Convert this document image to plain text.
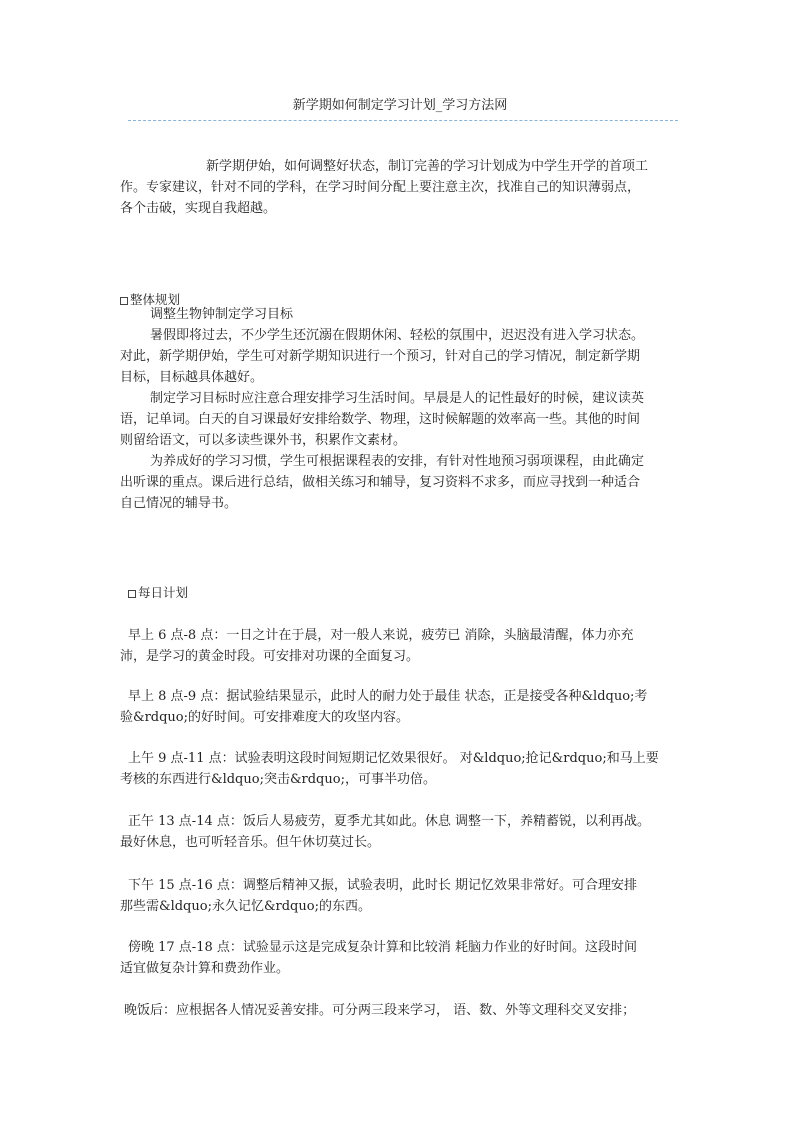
新学期如何制定学习计划_学习方法网

新学期伊始，如何调整好状态，制订完善的学习计划成为中学生开学的首项工
作。专家建议，针对不同的学科，在学习时间分配上要注意主次，找准自己的知识薄弱点，
各个击破，实现自我超越。

整体规划

调整生物钟制定学习目标

暑假即将过去，不少学生还沉溺在假期休闲、轻松的氛围中，迟迟没有进入学习状态。
对此，新学期伊始，学生可对新学期知识进行一个预习，针对自己的学习情况，制定新学期
目标，目标越具体越好。

制定学习目标时应注意合理安排学习生活时间。早晨是人的记性最好的时候，建议读英
语，记单词。白天的自习课最好安排给数学、物理，这时候解题的效率高一些。其他的时间
则留给语文，可以多读些课外书，积累作文素材。

为养成好的学习习惯，学生可根据课程表的安排，有针对性地预习弱项课程，由此确定
出听课的重点。课后进行总结，做相关练习和辅导，复习资料不求多，而应寻找到一种适合
自己情况的辅导书。

每日计划

早上 6 点-8 点：一日之计在于晨，对一般人来说，疲劳已 消除，头脑最清醒，体力亦充
沛，是学习的黄金时段。可安排对功课的全面复习。

早上 8 点-9 点：据试验结果显示，此时人的耐力处于最佳 状态，正是接受各种&ldquo;考
验&rdquo;的好时间。可安排难度大的攻坚内容。

上午 9 点-11 点：试验表明这段时间短期记忆效果很好。 对&ldquo;抢记&rdquo;和马上要
考核的东西进行&ldquo;突击&rdquo;，可事半功倍。

正午 13 点-14 点：饭后人易疲劳，夏季尤其如此。休息 调整一下，养精蓄锐，以利再战。
最好休息，也可听轻音乐。但午休切莫过长。

下午 15 点-16 点：调整后精神又振，试验表明，此时长 期记忆效果非常好。可合理安排
那些需&ldquo;永久记忆&rdquo;的东西。

傍晚 17 点-18 点：试验显示这是完成复杂计算和比较消 耗脑力作业的好时间。这段时间
适宜做复杂计算和费劲作业。

晚饭后：应根据各人情况妥善安排。可分两三段来学习， 语、数、外等文理科交叉安排；
